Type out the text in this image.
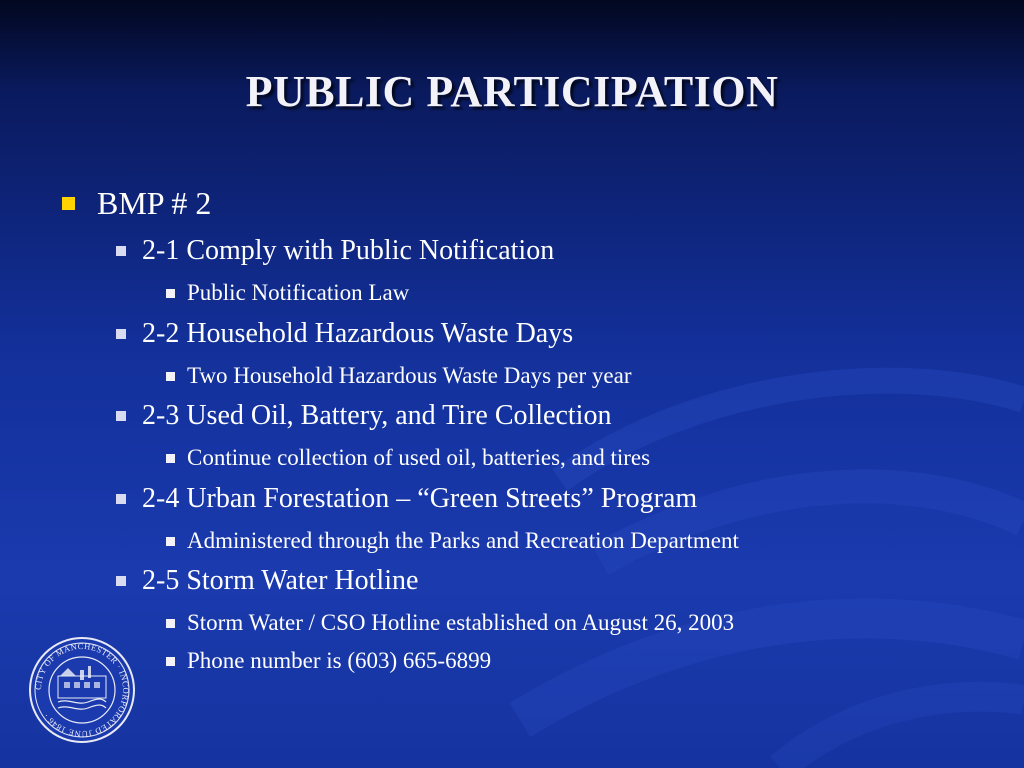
PUBLIC PARTICIPATION
BMP # 2
2-1 Comply with Public Notification
Public Notification Law
2-2 Household Hazardous Waste Days
Two Household Hazardous Waste Days per year
2-3 Used Oil, Battery, and Tire Collection
Continue collection of used oil, batteries, and tires
2-4 Urban Forestation – “Green Streets” Program
Administered through the Parks and Recreation Department
2-5 Storm Water Hotline
Storm Water / CSO Hotline established on August 26, 2003
Phone number is (603) 665-6899
CITY OF MANCHESTER · INCORPORATED JUNE 1846 ·
